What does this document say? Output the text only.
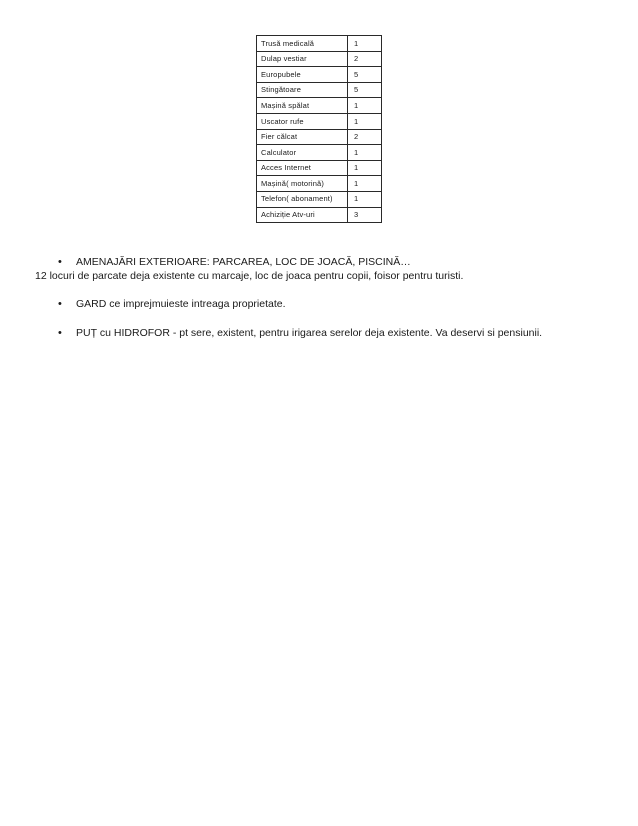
Trusă medicală	1
Dulap vestiar	2
Europubele	5
Stingătoare	5
Mașină spălat	1
Uscator rufe	1
Fier călcat	2
Calculator	1
Acces Internet	1
Mașină( motorină)	1
Telefon( abonament)	1
Achiziție Atv-uri	3
• AMENAJĂRI EXTERIOARE: PARCAREA, LOC DE JOACĂ, PISCINĂ…
12 locuri de parcate deja existente cu marcaje, loc de joaca pentru copii, foisor pentru turisti.
• GARD ce imprejmuieste intreaga proprietate.
• PUȚ cu HIDROFOR - pt sere, existent, pentru irigarea serelor deja existente. Va deservi si pensiunii.
